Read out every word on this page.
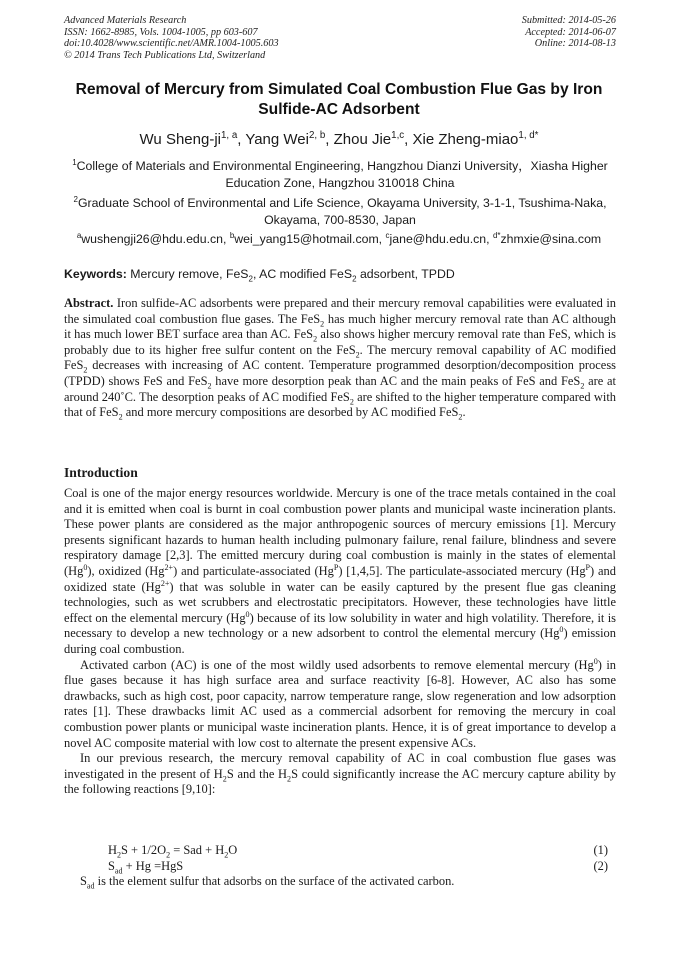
Advanced Materials Research
ISSN: 1662-8985, Vols. 1004-1005, pp 603-607
doi:10.4028/www.scientific.net/AMR.1004-1005.603
© 2014 Trans Tech Publications Ltd, Switzerland
Submitted: 2014-05-26
Accepted: 2014-06-07
Online: 2014-08-13
Removal of Mercury from Simulated Coal Combustion Flue Gas by Iron
Sulfide-AC Adsorbent
Wu Sheng-ji$^{1, a}$, Yang Wei$^{2, b}$, Zhou Jie$^{1,c}$, Xie Zheng-miao$^{1, d*}$
$^1$College of Materials and Environmental Engineering, Hangzhou Dianzi University，Xiasha Higher
Education Zone, Hangzhou 310018 China
$^2$Graduate School of Environmental and Life Science, Okayama University, 3-1-1, Tsushima-Naka,
Okayama, 700-8530, Japan
$^a$wushengji26@hdu.edu.cn, $^b$wei_yang15@hotmail.com, $^c$jane@hdu.edu.cn, $^{d*}$zhmxie@sina.com
Keywords: Mercury remove, FeS$_2$, AC modified FeS$_2$ adsorbent, TPDD
Abstract. Iron sulfide-AC adsorbents were prepared and their mercury removal capabilities were evaluated in the simulated coal combustion flue gases. The FeS$_2$ has much higher mercury removal rate than AC although it has much lower BET surface area than AC. FeS$_2$ also shows higher mercury removal rate than FeS, which is probably due to its higher free sulfur content on the FeS$_2$. The mercury removal capability of AC modified FeS$_2$ decreases with increasing of AC content. Temperature programmed desorption/decomposition process (TPDD) shows FeS and FeS$_2$ have more desorption peak than AC and the main peaks of FeS and FeS$_2$ are at around 240˚C. The desorption peaks of AC modified FeS$_2$ are shifted to the higher temperature compared with that of FeS$_2$ and more mercury compositions are desorbed by AC modified FeS$_2$.
Introduction

Coal is one of the major energy resources worldwide. Mercury is one of the trace metals contained in the coal and it is emitted when coal is burnt in coal combustion power plants and municipal waste incineration plants. These power plants are considered as the major anthropogenic sources of mercury emissions [1]. Mercury presents significant hazards to human health including pulmonary failure, renal failure, blindness and severe respiratory damage [2,3]. The emitted mercury during coal combustion is mainly in the states of elemental (Hg$^0$), oxidized $(Hg^{2+})$ and particulate-associated $(Hg^P)$ [1,4,5]. The particulate-associated mercury $(Hg^P)$ and oxidized state $(Hg^{2+})$ that was soluble in water can be easily captured by the present flue gas cleaning technologies, such as wet scrubbers and electrostatic precipitators. However, these technologies have little effect on the elemental mercury (Hg$^0$) because of its low solubility in water and high volatility. Therefore, it is necessary to develop a new technology or a new adsorbent to control the elemental mercury (Hg$^0$) emission during coal combustion.

Activated carbon (AC) is one of the most wildly used adsorbents to remove elemental mercury (Hg$^0$) in flue gases because it has high surface area and surface reactivity [6-8]. However, AC also has some drawbacks, such as high cost, poor capacity, narrow temperature range, slow regeneration and low adsorption rates [1]. These drawbacks limit AC used as a commercial adsorbent for removing the mercury in coal combustion power plants or municipal waste incineration plants. Hence, it is of great importance to develop a novel AC composite material with low cost to alternate the present expensive ACs.

In our previous research, the mercury removal capability of AC in coal combustion flue gases was investigated in the present of $H_2S$ and the $H_2S$ could significantly increase the AC mercury capture ability by the following reactions [9,10]:

$H_2S + 1/2O_2$ = Sad + $H_2O$	(1)
$S_{ad} + Hg =HgS$	(2)
$S_{ad}$ is the element sulfur that adsorbs on the surface of the activated carbon.
